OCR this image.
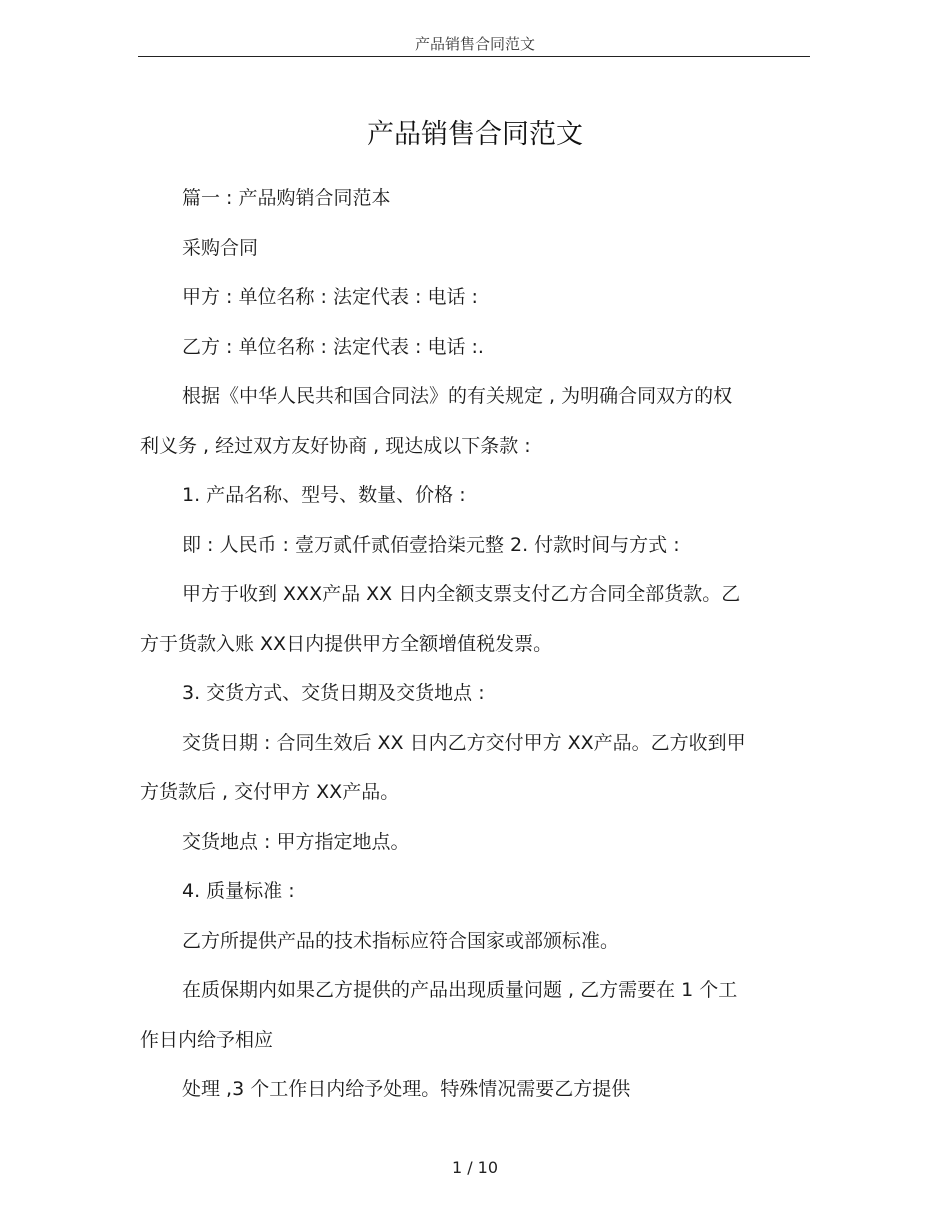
产品销售合同范文
产品销售合同范文

篇一 : 产品购销合同范本

采购合同

甲方 : 单位名称 : 法定代表 : 电话 :

乙方 : 单位名称 : 法定代表 : 电话 :.

根据《中华人民共和国合同法》的有关规定 , 为明确合同双方的权

利义务 , 经过双方友好协商 , 现达成以下条款 :

1. 产品名称、型号、数量、价格 :

即 : 人民币 : 壹万贰仟贰佰壹拾柒元整 2. 付款时间与方式 :

甲方于收到 XXX产品 XX 日内全额支票支付乙方合同全部货款。乙

方于货款入账 XX日内提供甲方全额增值税发票。

3. 交货方式、交货日期及交货地点 :

交货日期 : 合同生效后 XX 日内乙方交付甲方 XX产品。乙方收到甲

方货款后 , 交付甲方 XX产品。

交货地点 : 甲方指定地点。

4. 质量标准 :

乙方所提供产品的技术指标应符合国家或部颁标准。

在质保期内如果乙方提供的产品出现质量问题 , 乙方需要在 1 个工

作日内给予相应

处理 ,3 个工作日内给予处理。特殊情况需要乙方提供

1 / 10
